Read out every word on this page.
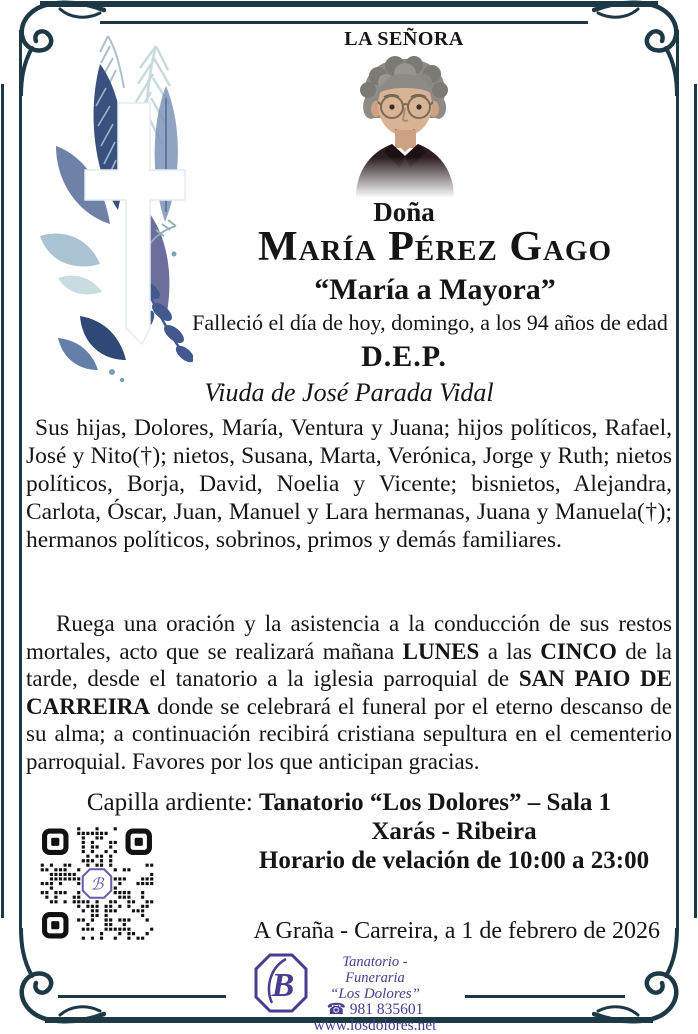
LA SEÑORA
Doña
María Pérez Gago
“María a Mayora”
Falleció el día de hoy, domingo, a los 94 años de edad
D.E.P.
Viuda de José Parada Vidal

Sus hijas, Dolores, María, Ventura y Juana; hijos políticos, Rafael, José y Nito(†); nietos, Susana, Marta, Verónica, Jorge y Ruth; nietos políticos, Borja, David, Noelia y Vicente; bisnietos, Alejandra, Carlota, Óscar, Juan, Manuel y Lara hermanas, Juana y Manuela(†); hermanos políticos, sobrinos, primos y demás familiares.

Ruega una oración y la asistencia a la conducción de sus restos mortales, acto que se realizará mañana LUNES a las CINCO de la tarde, desde el tanatorio a la iglesia parroquial de SAN PAIO DE CARREIRA donde se celebrará el funeral por el eterno descanso de su alma; a continuación recibirá cristiana sepultura en el cementerio parroquial. Favores por los que anticipan gracias.

Capilla ardiente: Tanatorio “Los Dolores” – Sala 1
Xarás - Ribeira
Horario de velación de 10:00 a 23:00
ℬ
A Graña - Carreira, a 1 de febrero de 2026
B
Tanatorio - Funeraria
“Los Dolores”
☎ 981 835601
www.losdolores.net
